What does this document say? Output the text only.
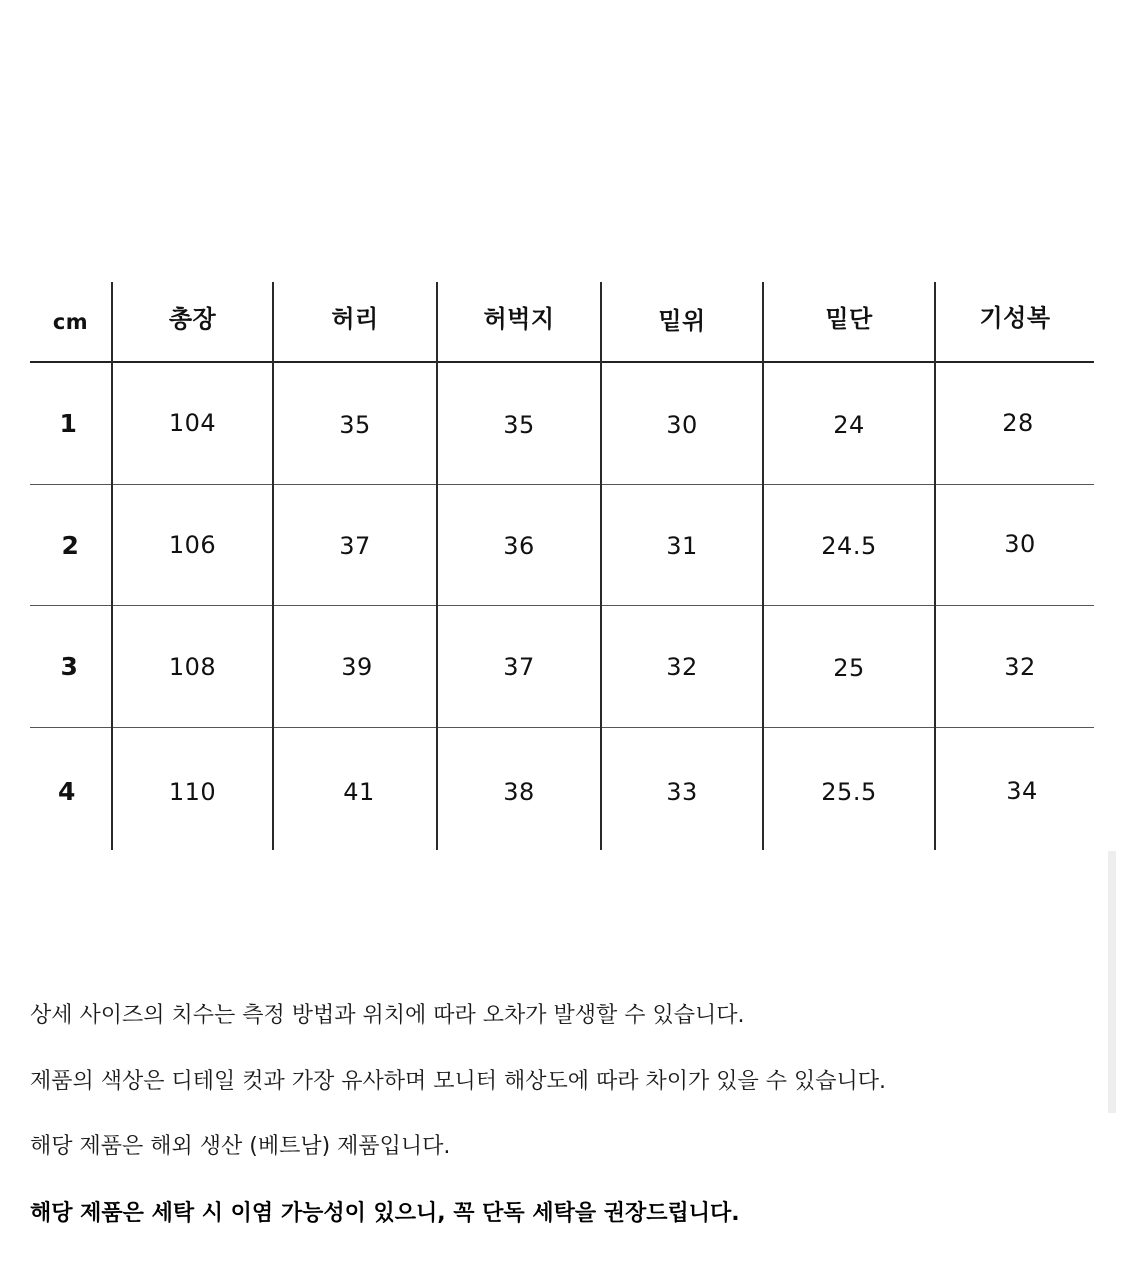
cm	총장	허리	허벅지	밑위	밑단	기성복
1	104	35	35	30	24	28
2	106	37	36	31	24.5	30
3	108	39	37	32	25	32
4	110	41	38	33	25.5	34
상세 사이즈의 치수는 측정 방법과 위치에 따라 오차가 발생할 수 있습니다.
제품의 색상은 디테일 컷과 가장 유사하며 모니터 해상도에 따라 차이가 있을 수 있습니다.
해당 제품은 해외 생산 (베트남) 제품입니다.
해당 제품은 세탁 시 이염 가능성이 있으니, 꼭 단독 세탁을 권장드립니다.
